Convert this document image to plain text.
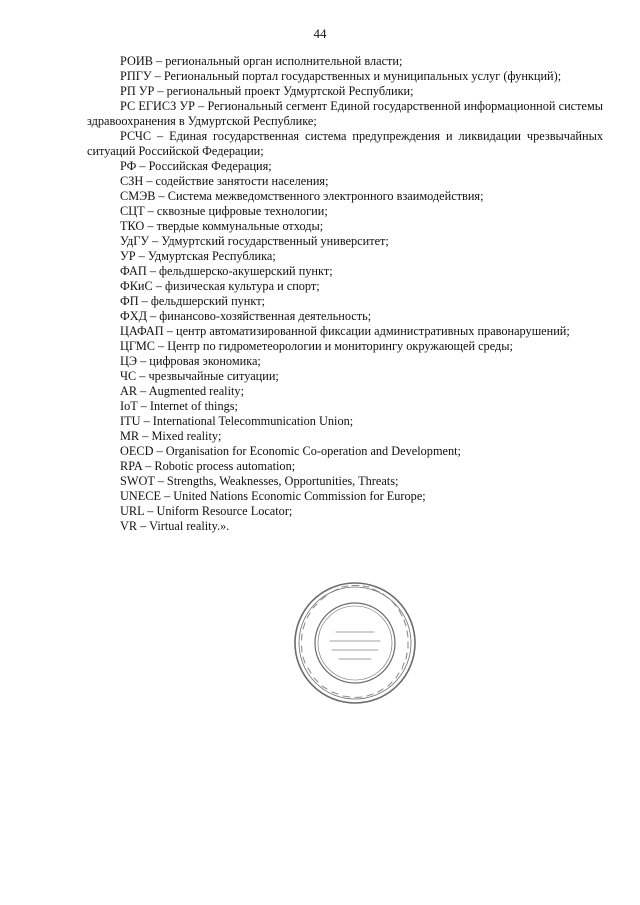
44
РОИВ – региональный орган исполнительной власти;
РПГУ – Региональный портал государственных и муниципальных услуг (функций);
РП УР – региональный проект Удмуртской Республики;
РС ЕГИСЗ УР – Региональный сегмент Единой государственной информационной системы здравоохранения в Удмуртской Республике;
РСЧС – Единая государственная система предупреждения и ликвидации чрезвычайных ситуаций Российской Федерации;
РФ – Российская Федерация;
СЗН – содействие занятости населения;
СМЭВ – Система межведомственного электронного взаимодействия;
СЦТ – сквозные цифровые технологии;
ТКО – твердые коммунальные отходы;
УдГУ – Удмуртский государственный университет;
УР – Удмуртская Республика;
ФАП – фельдшерско-акушерский пункт;
ФКиС – физическая культура и спорт;
ФП – фельдшерский пункт;
ФХД – финансово-хозяйственная деятельность;
ЦАФАП – центр автоматизированной фиксации административных правонарушений;
ЦГМС – Центр по гидрометеорологии и мониторингу окружающей среды;
ЦЭ – цифровая экономика;
ЧС – чрезвычайные ситуации;
AR – Augmented reality;
IoT – Internet of things;
ITU – International Telecommunication Union;
MR – Mixed reality;
OECD – Organisation for Economic Co-operation and Development;
RPA – Robotic process automation;
SWOT – Strengths, Weaknesses, Opportunities, Threats;
UNECE – United Nations Economic Commission for Europe;
URL – Uniform Resource Locator;
VR – Virtual reality.».
